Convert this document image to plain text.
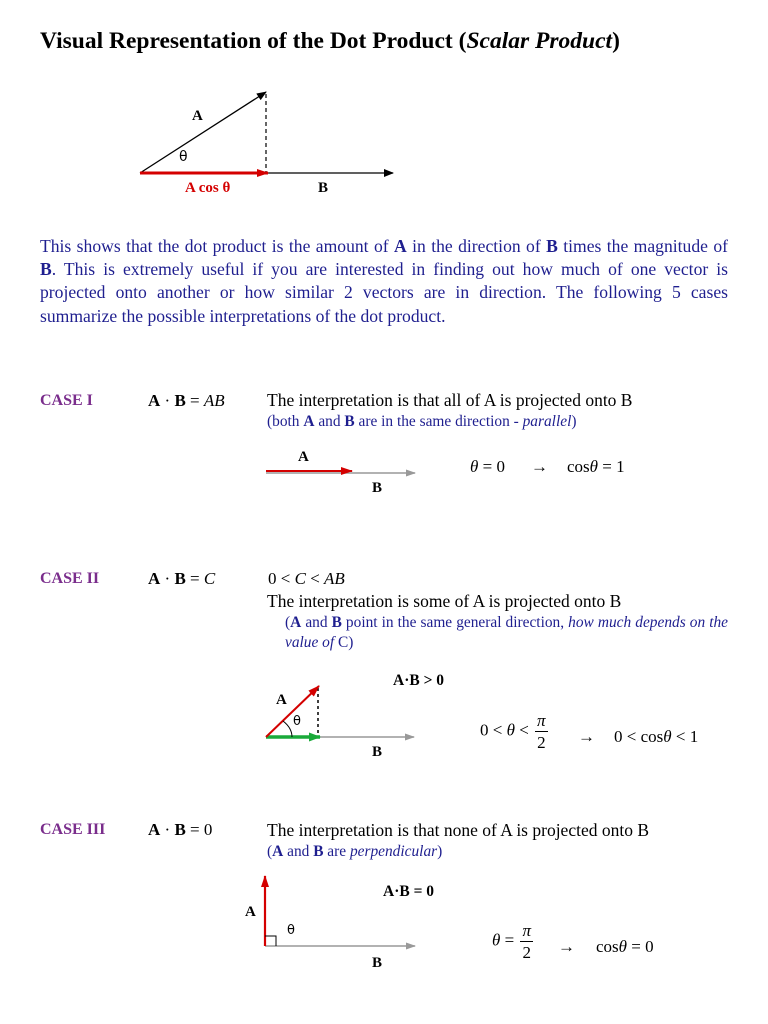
Visual Representation of the Dot Product (Scalar Product)
A
θ
A cos θ	B

This shows that the dot product is the amount of A in the direction of B times the magnitude of B. This is extremely useful if you are interested in finding out how much of one vector is projected onto another or how similar 2 vectors are in direction. The following 5 cases summarize the possible interpretations of the dot product.

CASE I	A · B = AB The interpretation is that all of A is projected onto B
(both A and B are in the same direction - parallel)
A
B
θ = 0 → cosθ = 1
CASE II	A · B = C	0 < C < AB
The interpretation is some of A is projected onto B

(A and B point in the same general direction, how much depends on the value of C)

A·B > 0
A
θ
B
$0 < \theta < \frac{\pi}{2} \to 0 < \cos\theta < 1$
CASE III	A · B = 0	The interpretation is that none of A is projected onto B
(A and B are perpendicular)
A·B = 0
A
θ
B
$\theta = \frac{\pi}{2} \to \cos\theta = 0$
